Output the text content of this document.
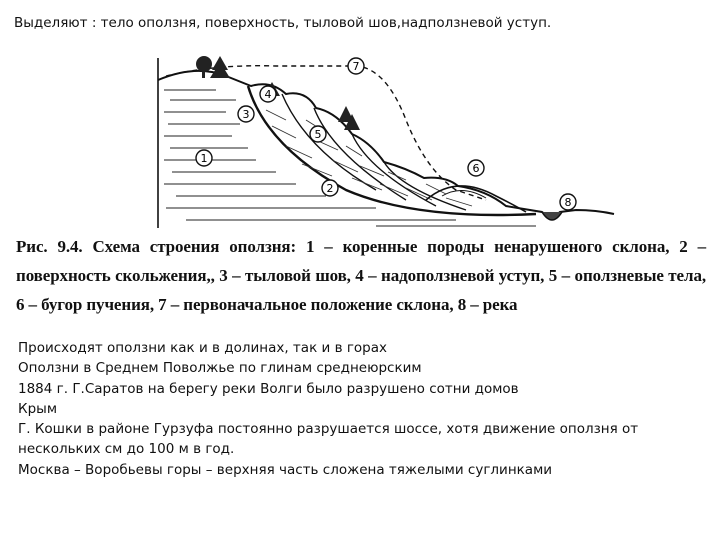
Выделяют : тело оползня, поверхность, тыловой шов,надползневой уступ.
1
2
3
4
5
6
7
8
Рис. 9.4. Схема строения оползня: 1 – коренные породы ненарушеного склона, 2 – поверхность скольжения,, 3 – тыловой шов, 4 – надоползневой уступ, 5 – оползневые тела, 6 – бугор пучения, 7 – первоначальное положение склона, 8 – река

Происходят оползни как и в долинах, так и в горах

Оползни в Среднем Поволжье по глинам среднеюрским

1884 г. Г.Саратов на берегу реки Волги было разрушено сотни домов

Крым

Г. Кошки в районе Гурзуфа постоянно разрушается шоссе, хотя движение оползня от нескольких см до 100 м в год.

Москва – Воробьевы горы – верхняя часть сложена тяжелыми суглинками
